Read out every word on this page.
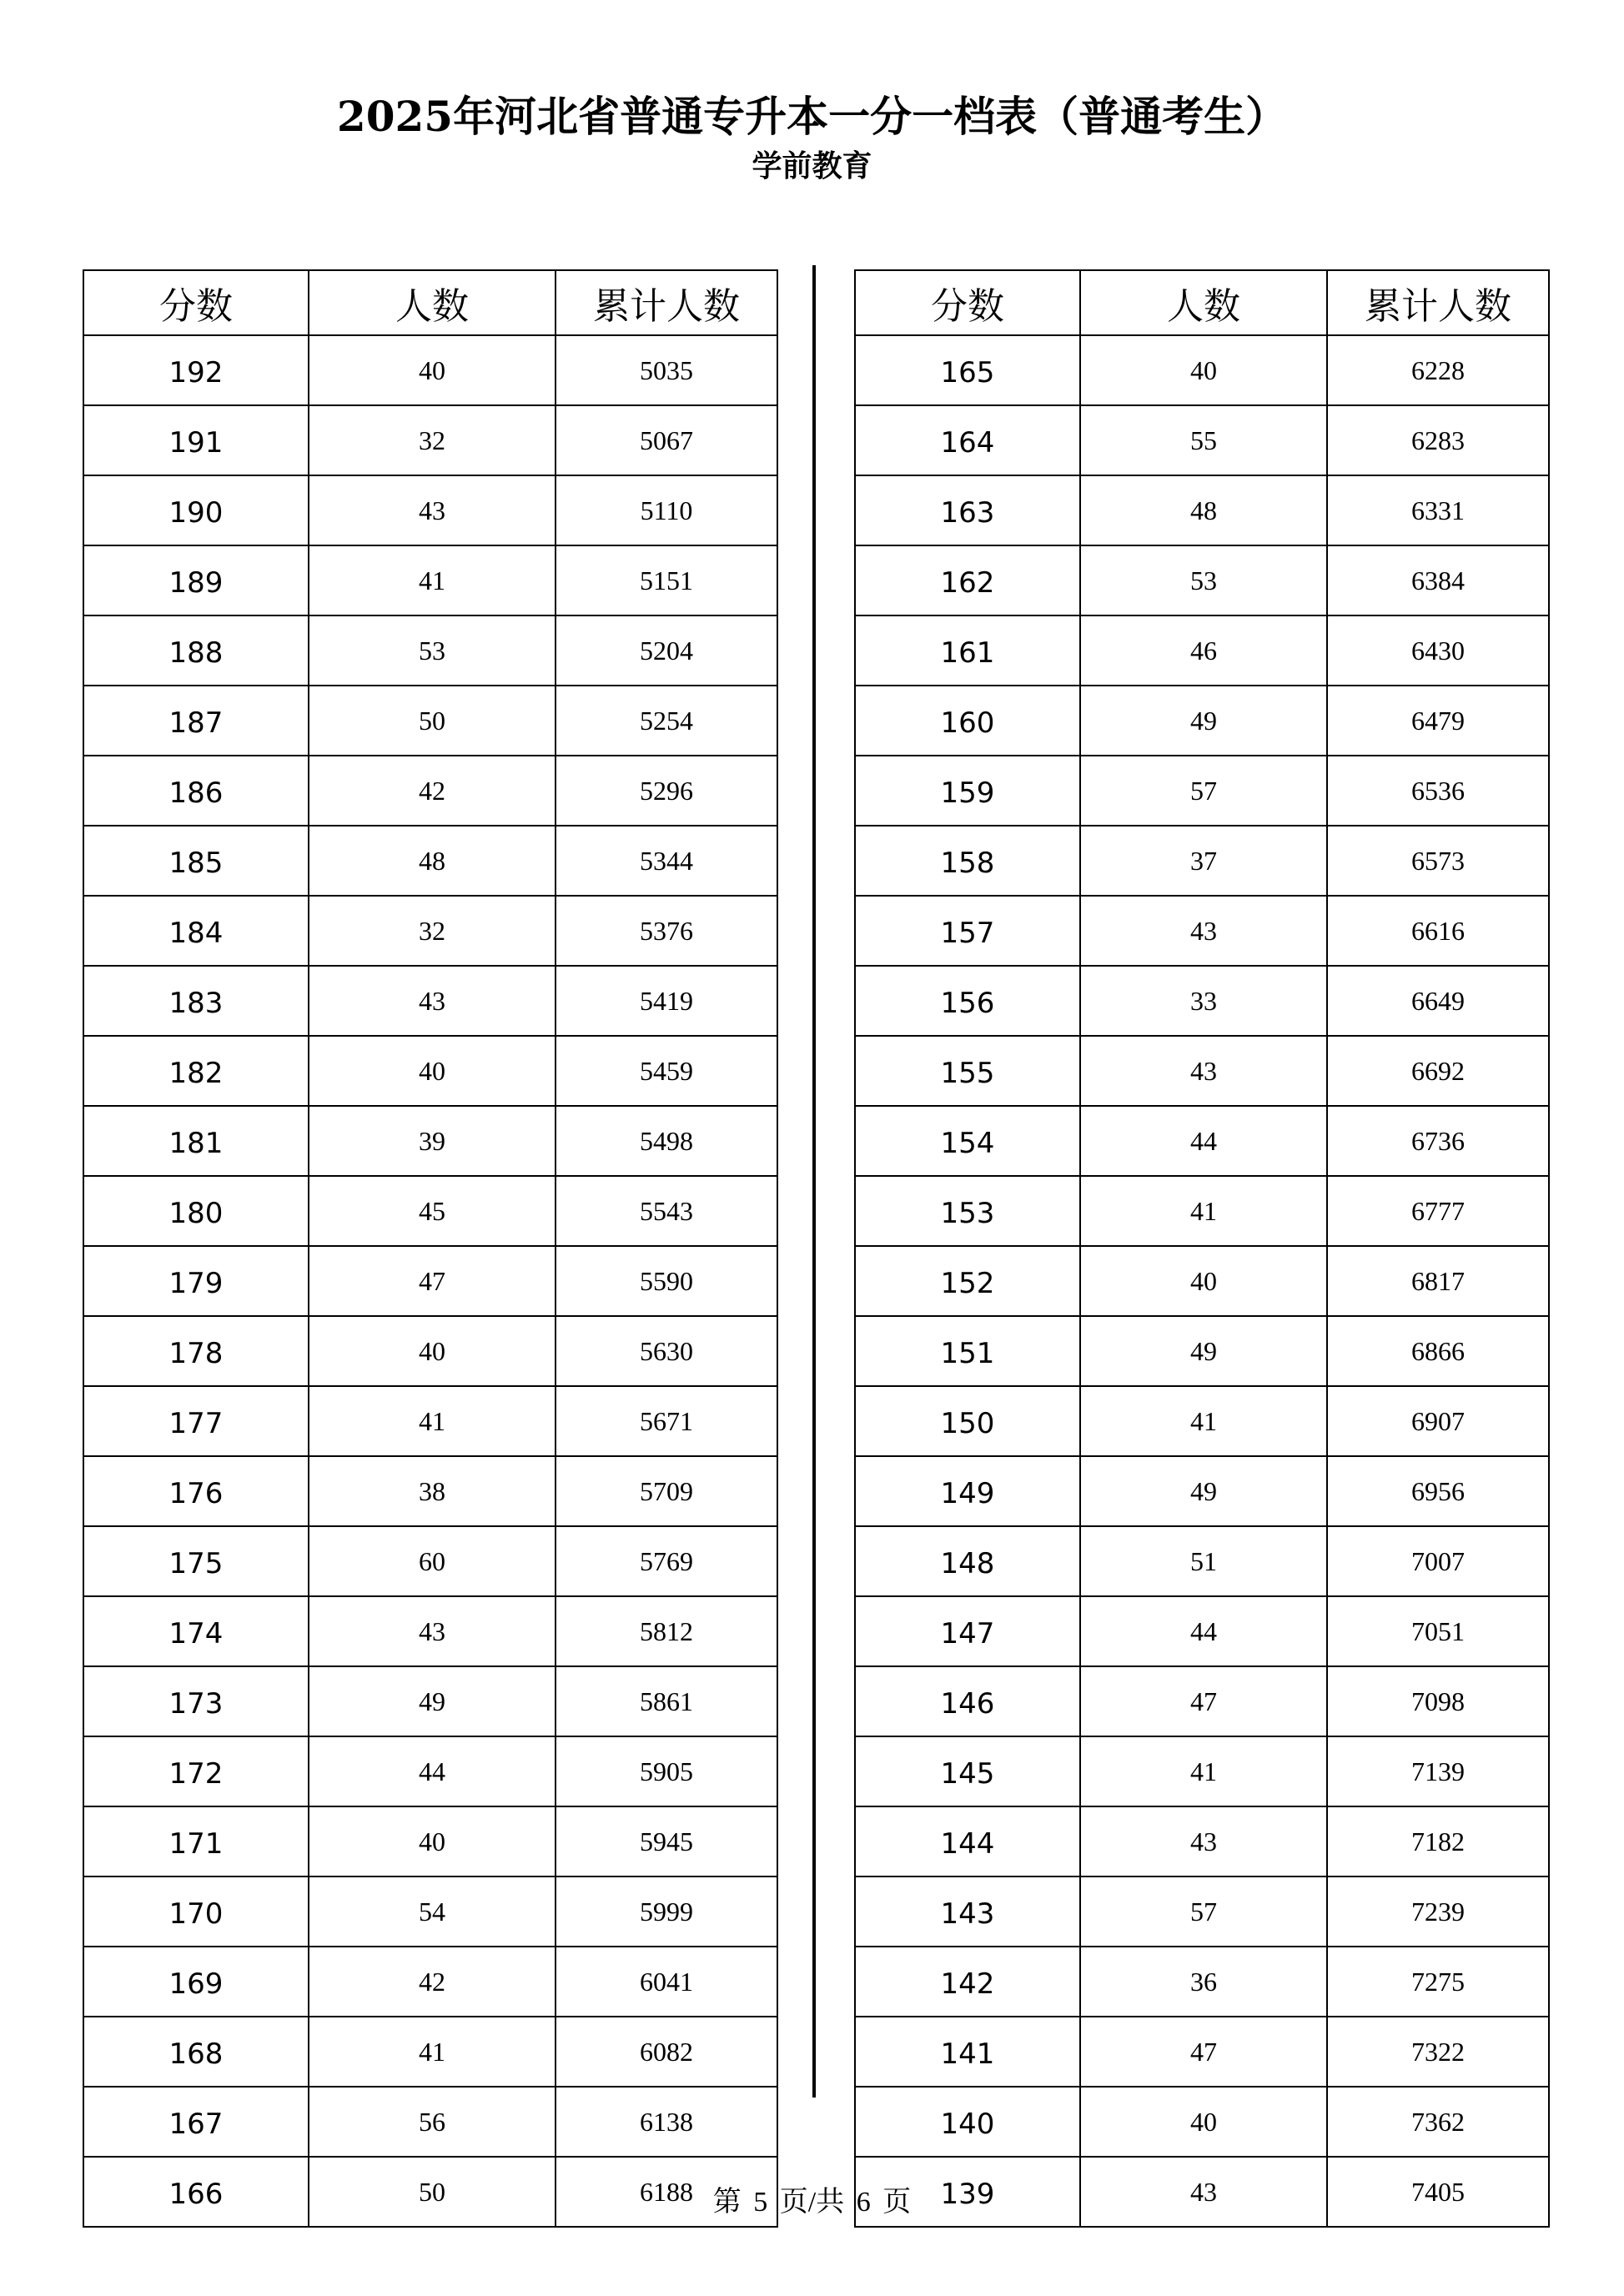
2025年河北省普通专升本一分一档表（普通考生）
学前教育
分数	人数	累计人数
192	40	5035
191	32	5067
190	43	5110
189	41	5151
188	53	5204
187	50	5254
186	42	5296
185	48	5344
184	32	5376
183	43	5419
182	40	5459
181	39	5498
180	45	5543
179	47	5590
178	40	5630
177	41	5671
176	38	5709
175	60	5769
174	43	5812
173	49	5861
172	44	5905
171	40	5945
170	54	5999
169	42	6041
168	41	6082
167	56	6138
166	50	6188
分数	人数	累计人数
165	40	6228
164	55	6283
163	48	6331
162	53	6384
161	46	6430
160	49	6479
159	57	6536
158	37	6573
157	43	6616
156	33	6649
155	43	6692
154	44	6736
153	41	6777
152	40	6817
151	49	6866
150	41	6907
149	49	6956
148	51	7007
147	44	7051
146	47	7098
145	41	7139
144	43	7182
143	57	7239
142	36	7275
141	47	7322
140	40	7362
139	43	7405
第 5 页/共 6 页
